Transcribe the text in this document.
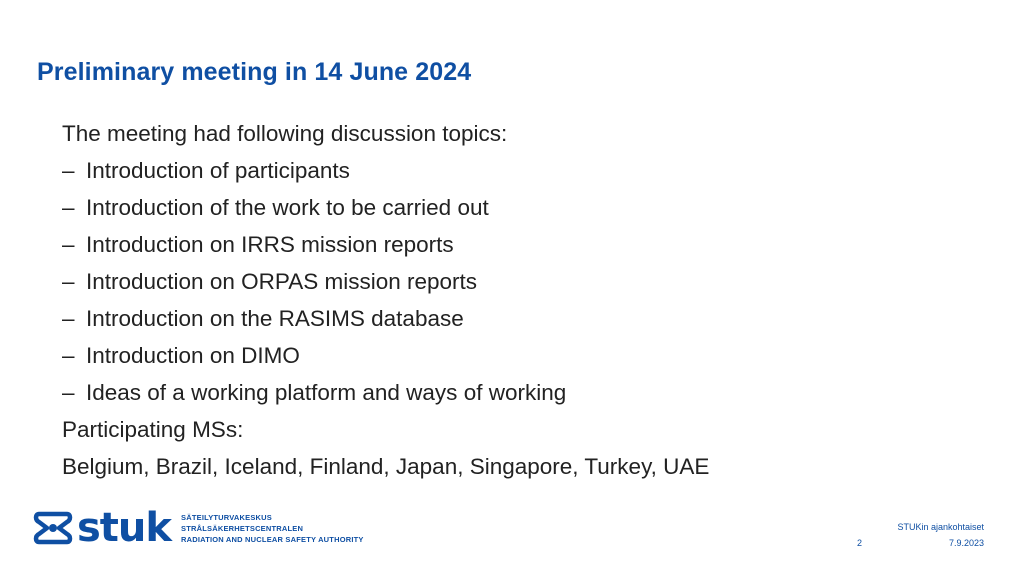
Preliminary meeting in 14 June 2024
The meeting had following discussion topics:
– Introduction of participants
– Introduction of the work to be carried out
– Introduction on IRRS mission reports
– Introduction on ORPAS mission reports
– Introduction on the RASIMS database
– Introduction on DIMO
– Ideas of a working platform and ways of working
Participating MSs:
Belgium, Brazil, Iceland, Finland, Japan, Singapore, Turkey, UAE
stuk SÄTEILYTURVAKESKUS
STRÅLSÄKERHETSCENTRALEN
RADIATION AND NUCLEAR SAFETY AUTHORITY
STUKin ajankohtaiset
2	7.9.2023
